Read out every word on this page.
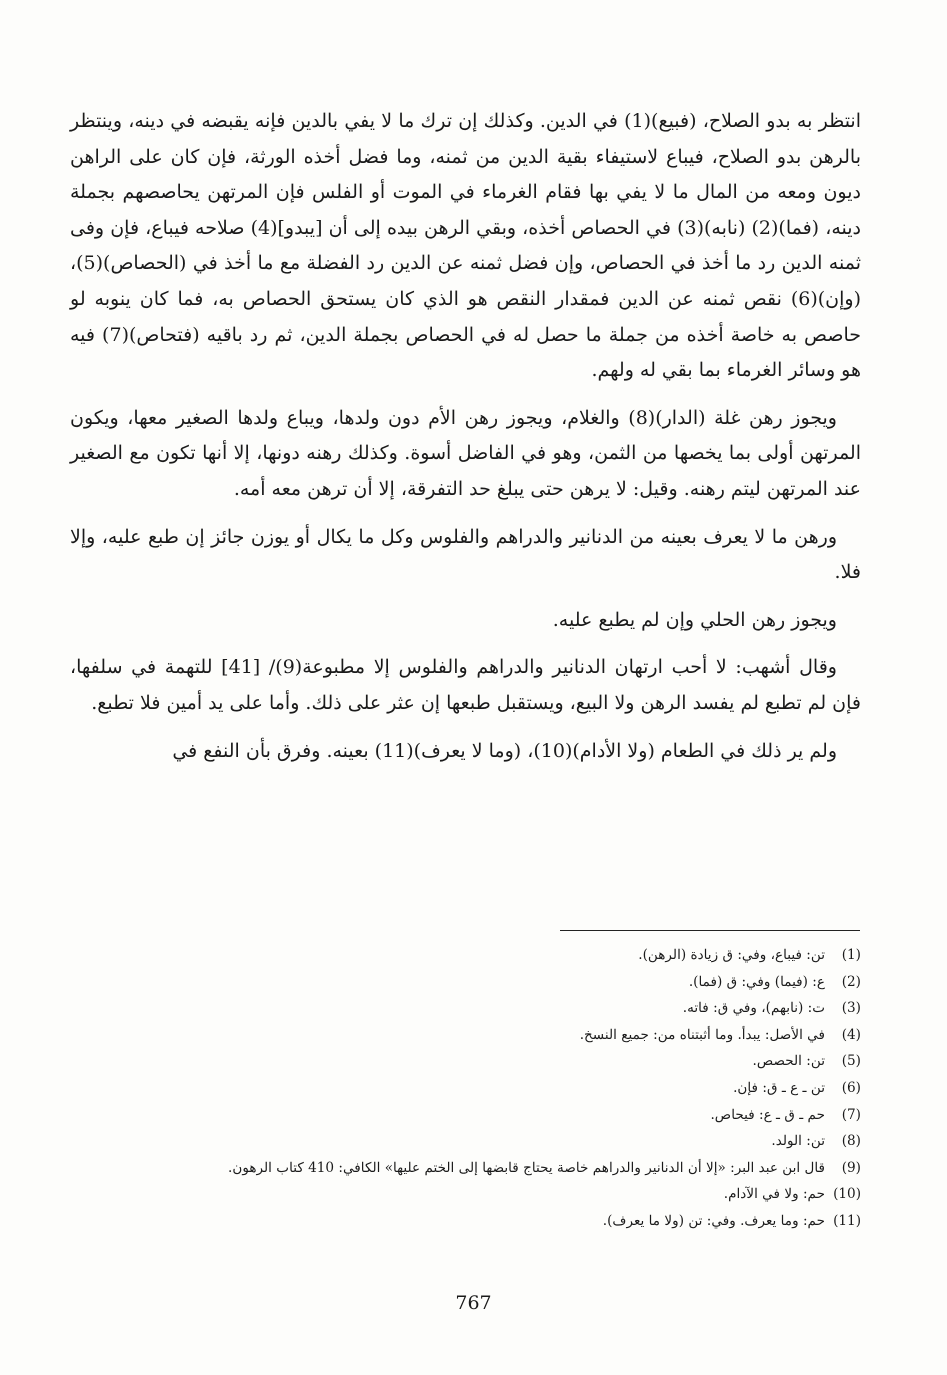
انتظر به بدو الصلاح، (فبيع)(1) في الدين. وكذلك إن ترك ما لا يفي بالدين فإنه يقبضه في دينه، وينتظر بالرهن بدو الصلاح، فيباع لاستيفاء بقية الدين من ثمنه، وما فضل أخذه الورثة، فإن كان على الراهن ديون ومعه من المال ما لا يفي بها فقام الغرماء في الموت أو الفلس فإن المرتهن يحاصصهم بجملة دينه، (فما)(2) (نابه)(3) في الحصاص أخذه، وبقي الرهن بيده إلى أن [يبدو](4) صلاحه فيباع، فإن وفى ثمنه الدين رد ما أخذ في الحصاص، وإن فضل ثمنه عن الدين رد الفضلة مع ما أخذ في (الحصاص)(5)، (وإن)(6) نقص ثمنه عن الدين فمقدار النقص هو الذي كان يستحق الحصاص به، فما كان ينوبه لو حاصص به خاصة أخذه من جملة ما حصل له في الحصاص بجملة الدين، ثم رد باقيه (فتحاص)(7) فيه هو وسائر الغرماء بما بقي له ولهم.

ويجوز رهن غلة (الدار)(8) والغلام، ويجوز رهن الأم دون ولدها، ويباع ولدها الصغير معها، ويكون المرتهن أولى بما يخصها من الثمن، وهو في الفاضل أسوة. وكذلك رهنه دونها، إلا أنها تكون مع الصغير عند المرتهن ليتم رهنه. وقيل: لا يرهن حتى يبلغ حد التفرقة، إلا أن ترهن معه أمه.

ورهن ما لا يعرف بعينه من الدنانير والدراهم والفلوس وكل ما يكال أو يوزن جائز إن طبع عليه، وإلا فلا.

ويجوز رهن الحلي وإن لم يطبع عليه.

وقال أشهب: لا أحب ارتهان الدنانير والدراهم والفلوس إلا مطبوعة(9)/ [41] للتهمة في سلفها، فإن لم تطبع لم يفسد الرهن ولا البيع، ويستقبل طبعها إن عثر على ذلك. وأما على يد أمين فلا تطبع.

ولم ير ذلك في الطعام (ولا الأدام)(10)، (وما لا يعرف)(11) بعينه. وفرق بأن النفع في

(1)
تن: فيباع، وفي: ق زيادة (الرهن).
(2)
ع: (فيما) وفي: ق (فما).
(3)
ت: (نابهم)، وفي ق: فاته.
(4)
في الأصل: يبدأ. وما أثبتناه من: جميع النسخ.
(5)
تن: الحصص.
(6)
تن ـ ع ـ ق: فإن.
(7)
حم ـ ق ـ ع: فيحاص.
(8)
تن: الولد.
(9)
قال ابن عبد البر: «إلا أن الدنانير والدراهم خاصة يحتاج قابضها إلى الختم عليها» الكافي: 410 كتاب الرهون.
(10)
حم: ولا في الآدام.
(11)
حم: وما يعرف. وفي: تن (ولا ما يعرف).
767
